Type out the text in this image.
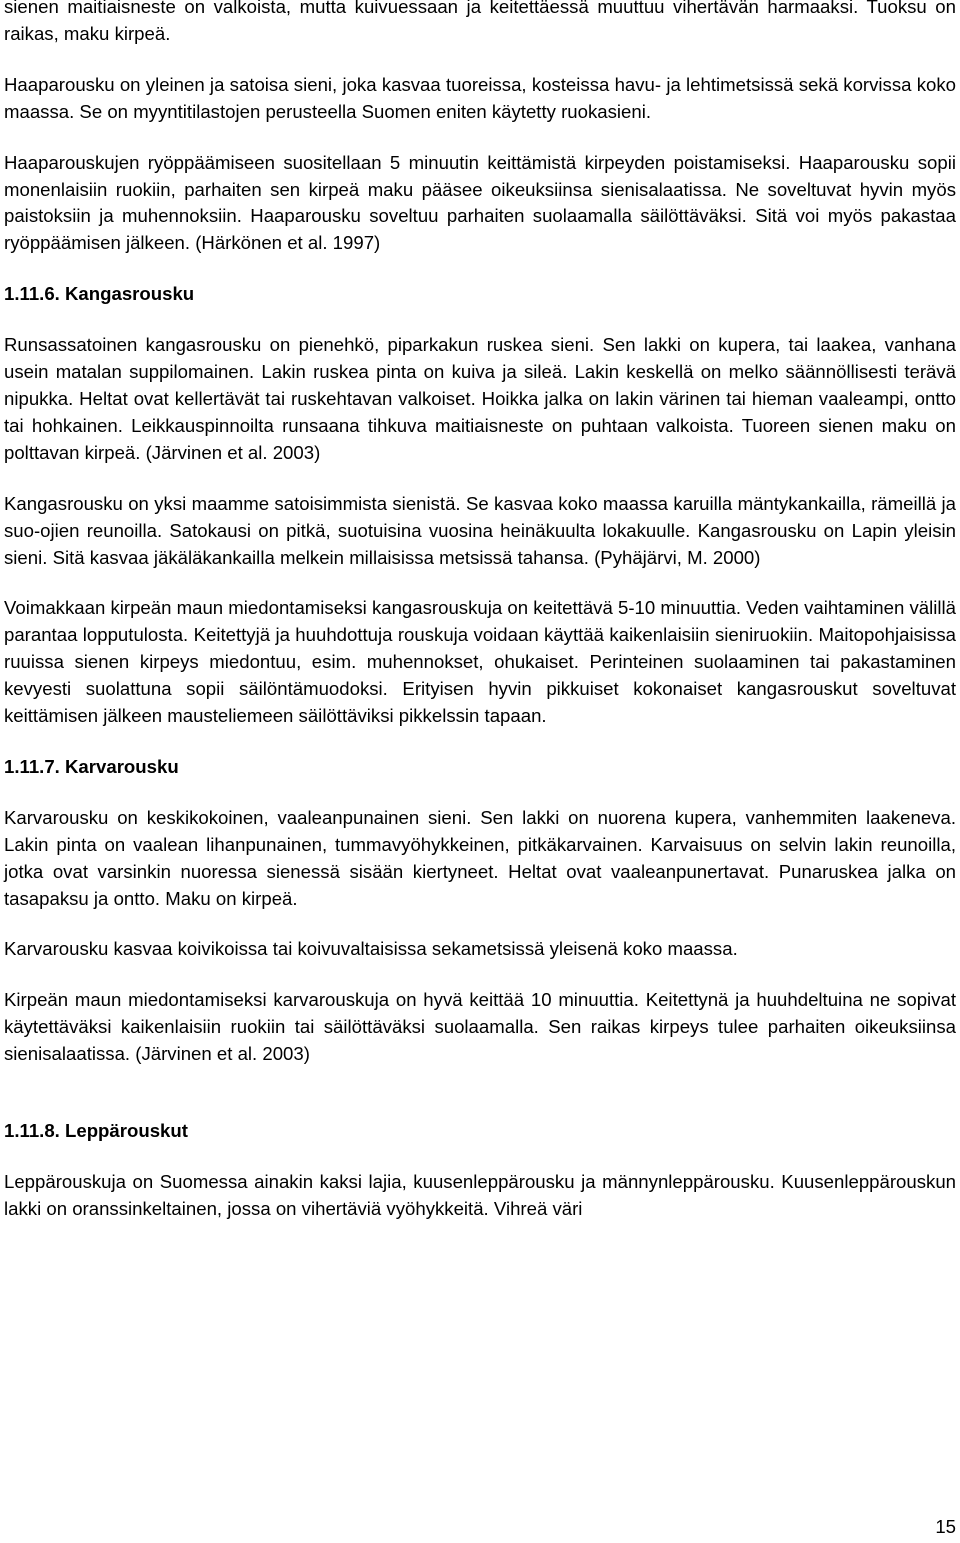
sienen maitiaisneste on valkoista, mutta kuivuessaan ja keitettäessä muuttuu vihertävän harmaaksi. Tuoksu on raikas, maku kirpeä.

Haaparousku on yleinen ja satoisa sieni, joka kasvaa tuoreissa, kosteissa havu- ja lehtimetsissä sekä korvissa koko maassa. Se on myyntitilastojen perusteella Suomen eniten käytetty ruokasieni.

Haaparouskujen ryöppäämiseen suositellaan 5 minuutin keittämistä kirpeyden poistamiseksi. Haaparousku sopii monenlaisiin ruokiin, parhaiten sen kirpeä maku pääsee oikeuksiinsa sienisalaatissa. Ne soveltuvat hyvin myös paistoksiin ja muhennoksiin. Haaparousku soveltuu parhaiten suolaamalla säilöttäväksi. Sitä voi myös pakastaa ryöppäämisen jälkeen. (Härkönen et al. 1997)

1.11.6. Kangasrousku

Runsassatoinen kangasrousku on pienehkö, piparkakun ruskea sieni. Sen lakki on kupera, tai laakea, vanhana usein matalan suppilomainen. Lakin ruskea pinta on kuiva ja sileä. Lakin keskellä on melko säännöllisesti terävä nipukka. Heltat ovat kellertävät tai ruskehtavan valkoiset. Hoikka jalka on lakin värinen tai hieman vaaleampi, ontto tai hohkainen. Leikkauspinnoilta runsaana tihkuva maitiaisneste on puhtaan valkoista. Tuoreen sienen maku on polttavan kirpeä. (Järvinen et al. 2003)

Kangasrousku on yksi maamme satoisimmista sienistä. Se kasvaa koko maassa karuilla mäntykankailla, rämeillä ja suo-ojien reunoilla. Satokausi on pitkä, suotuisina vuosina heinäkuulta lokakuulle. Kangasrousku on Lapin yleisin sieni. Sitä kasvaa jäkäläkankailla melkein millaisissa metsissä tahansa. (Pyhäjärvi, M. 2000)

Voimakkaan kirpeän maun miedontamiseksi kangasrouskuja on keitettävä 5-10 minuuttia. Veden vaihtaminen välillä parantaa lopputulosta. Keitettyjä ja huuhdottuja rouskuja voidaan käyttää kaikenlaisiin sieniruokiin. Maitopohjaisissa ruuissa sienen kirpeys miedontuu, esim. muhennokset, ohukaiset. Perinteinen suolaaminen tai pakastaminen kevyesti suolattuna sopii säilöntämuodoksi. Erityisen hyvin pikkuiset kokonaiset kangasrouskut soveltuvat keittämisen jälkeen mausteliemeen säilöttäviksi pikkelssin tapaan.

1.11.7. Karvarousku

Karvarousku on keskikokoinen, vaaleanpunainen sieni. Sen lakki on nuorena kupera, vanhemmiten laakeneva. Lakin pinta on vaalean lihanpunainen, tummavyöhykkeinen, pitkäkarvainen. Karvaisuus on selvin lakin reunoilla, jotka ovat varsinkin nuoressa sienessä sisään kiertyneet. Heltat ovat vaaleanpunertavat. Punaruskea jalka on tasapaksu ja ontto. Maku on kirpeä.

Karvarousku kasvaa koivikoissa tai koivuvaltaisissa sekametsissä yleisenä koko maassa.

Kirpeän maun miedontamiseksi karvarouskuja on hyvä keittää 10 minuuttia. Keitettynä ja huuhdeltuina ne sopivat käytettäväksi kaikenlaisiin ruokiin tai säilöttäväksi suolaamalla. Sen raikas kirpeys tulee parhaiten oikeuksiinsa sienisalaatissa. (Järvinen et al. 2003)

1.11.8. Leppärouskut

Leppärouskuja on Suomessa ainakin kaksi lajia, kuusenleppärousku ja männynleppärousku. Kuusenleppärouskun lakki on oranssinkeltainen, jossa on vihertäviä vyöhykkeitä. Vihreä väri

15
